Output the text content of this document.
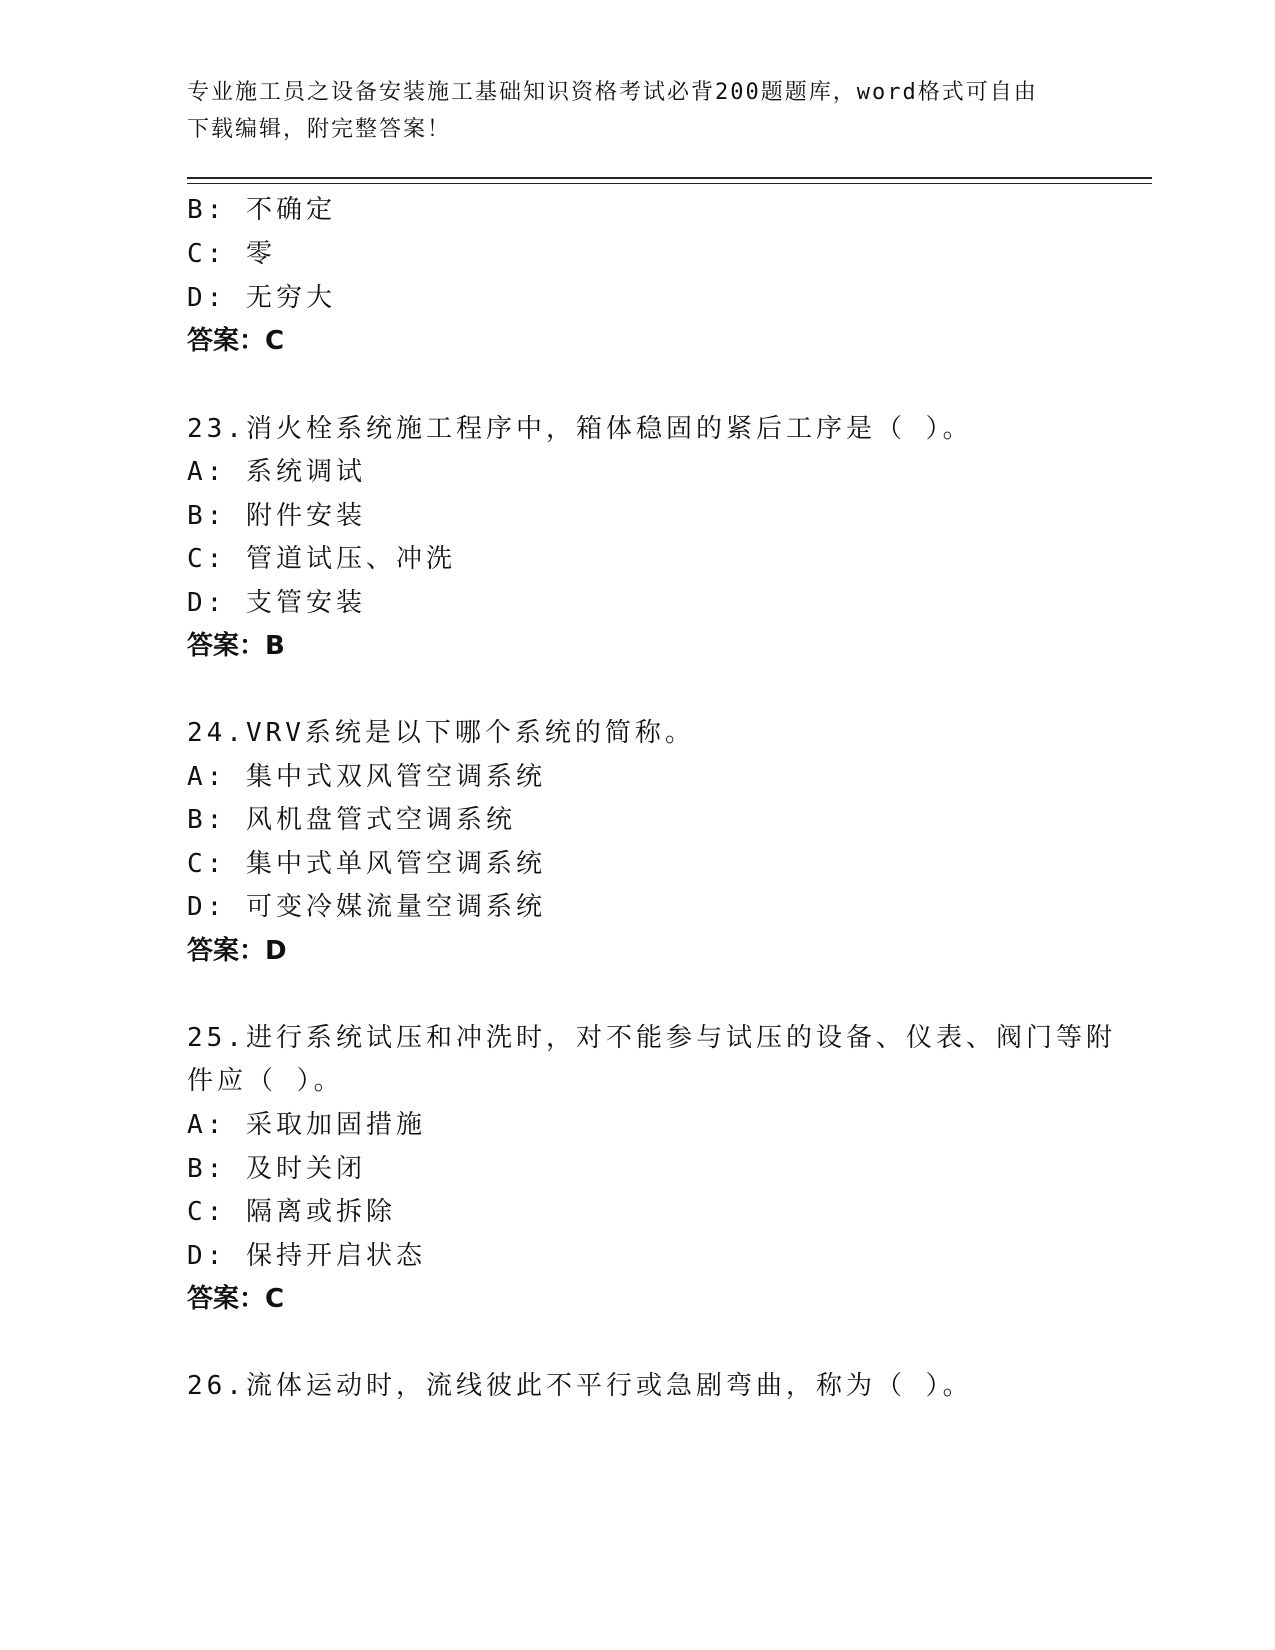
专业施工员之设备安装施工基础知识资格考试必背200题题库，word格式可自由
下载编辑，附完整答案！
B: 不确定
C: 零
D: 无穷大
答案：C
23.消火栓系统施工程序中，箱体稳固的紧后工序是（ ）。
A: 系统调试
B: 附件安装
C: 管道试压、冲洗
D: 支管安装
答案：B
24.VRV系统是以下哪个系统的简称。
A: 集中式双风管空调系统
B: 风机盘管式空调系统
C: 集中式单风管空调系统
D: 可变冷媒流量空调系统
答案：D
25.进行系统试压和冲洗时，对不能参与试压的设备、仪表、阀门等附
件应（ ）。
A: 采取加固措施
B: 及时关闭
C: 隔离或拆除
D: 保持开启状态
答案：C
26.流体运动时，流线彼此不平行或急剧弯曲，称为（ ）。
